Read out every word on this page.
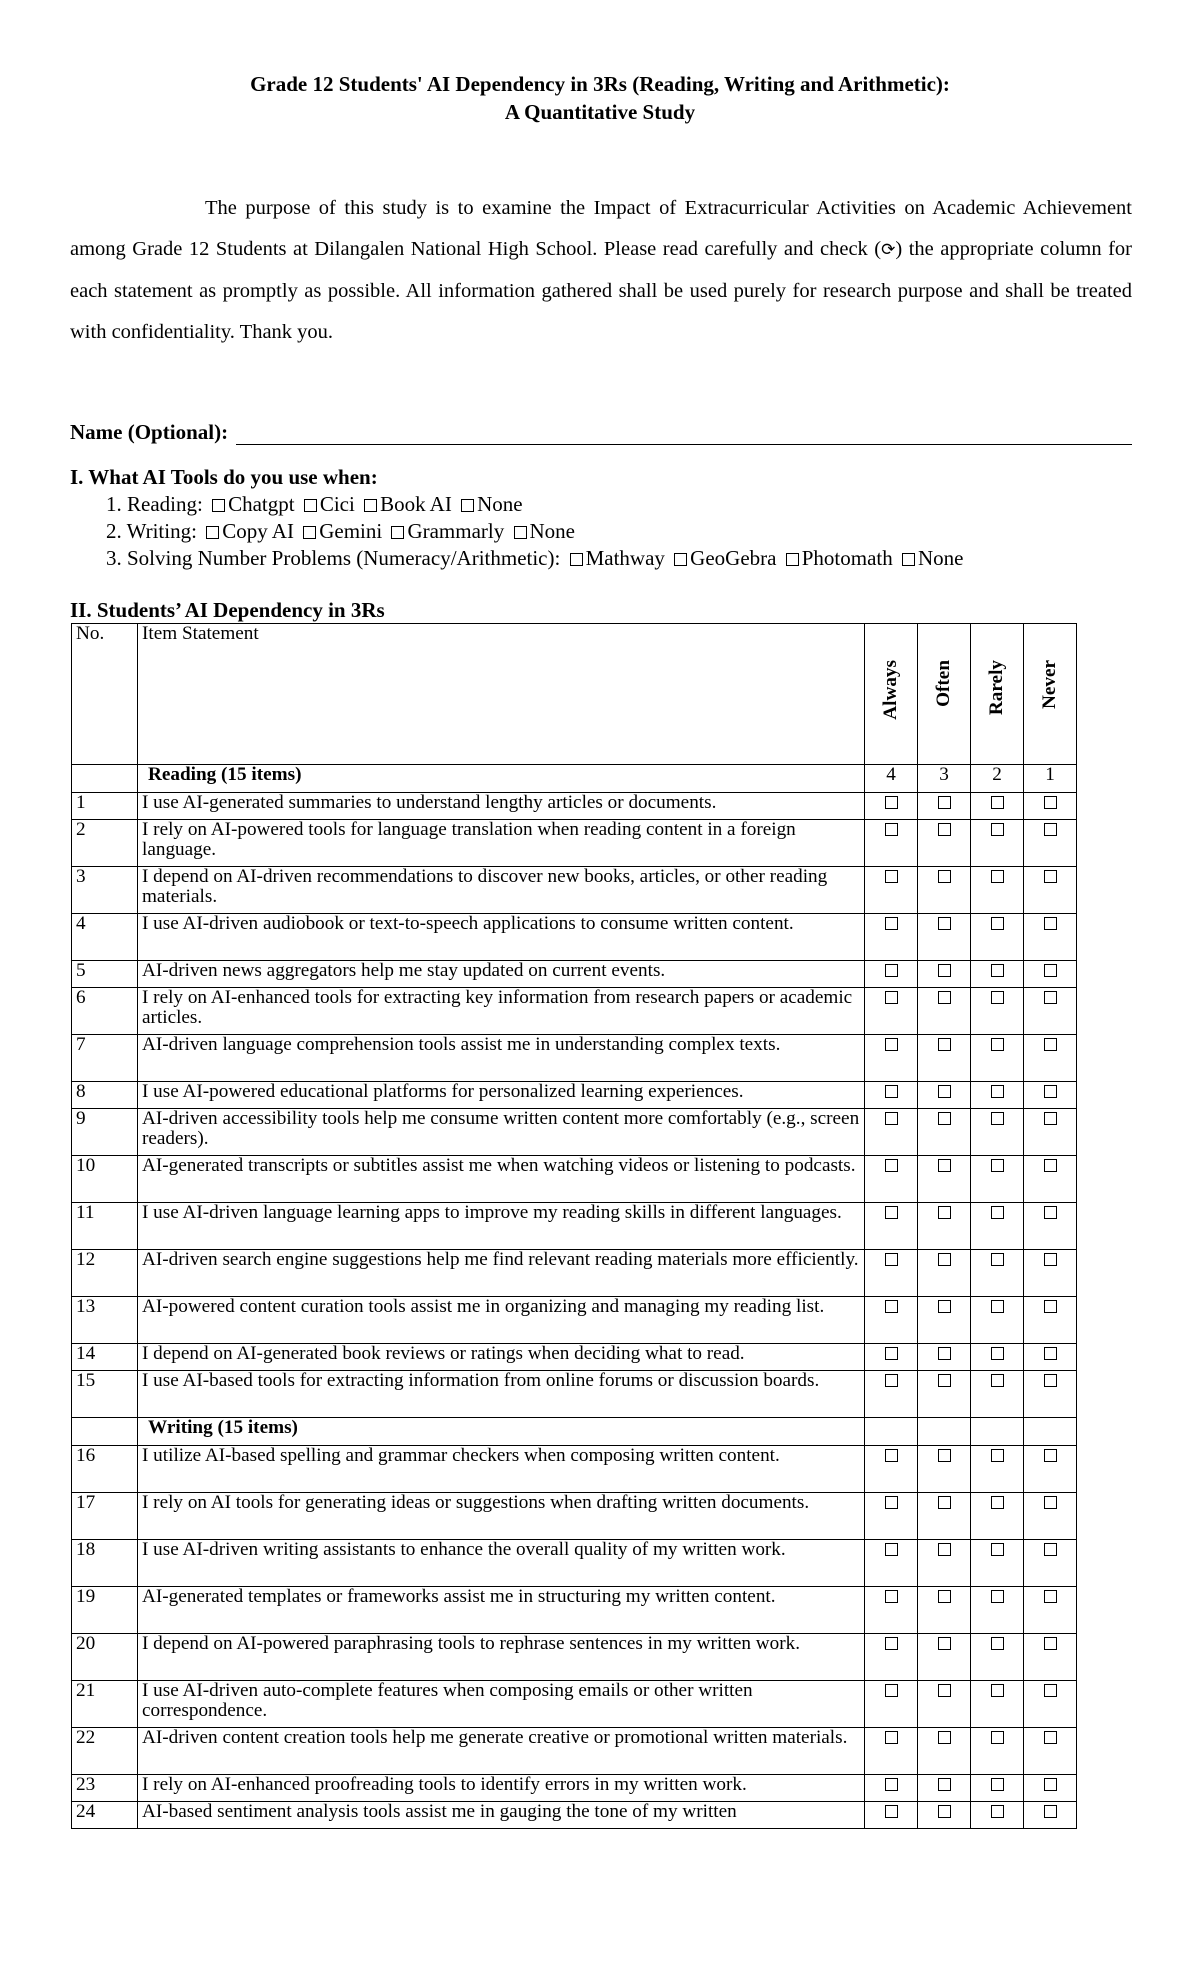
Grade 12 Students' AI Dependency in 3Rs (Reading, Writing and Arithmetic):
A Quantitative Study

The purpose of this study is to examine the Impact of Extracurricular Activities on Academic Achievement among Grade 12 Students at Dilangalen National High School. Please read carefully and check (⟳) the appropriate column for each statement as promptly as possible. All information gathered shall be used purely for research purpose and shall be treated with confidentiality. Thank you.

Name (Optional):
I. What AI Tools do you use when:
1. Reading: Chatgpt Cici Book AI None
2. Writing: Copy AI Gemini Grammarly None
3. Solving Number Problems (Numeracy/Arithmetic): Mathway GeoGebra Photomath None
II. Students’ AI Dependency in 3Rs
No.	Item Statement	Always	Often	Rarely	Never

	Reading (15 items)	4	3	2	1
1	I use AI-generated summaries to understand lengthy articles or documents.				
2	I rely on AI-powered tools for language translation when reading content in a foreign language.				
3	I depend on AI-driven recommendations to discover new books, articles, or other reading materials.				
4	I use AI-driven audiobook or text-to-speech applications to consume written content.				
5	AI-driven news aggregators help me stay updated on current events.				
6	I rely on AI-enhanced tools for extracting key information from research papers or academic articles.				
7	AI-driven language comprehension tools assist me in understanding complex texts.				
8	I use AI-powered educational platforms for personalized learning experiences.				
9	AI-driven accessibility tools help me consume written content more comfortably (e.g., screen readers).				
10	AI-generated transcripts or subtitles assist me when watching videos or listening to podcasts.				
11	I use AI-driven language learning apps to improve my reading skills in different languages.				
12	AI-driven search engine suggestions help me find relevant reading materials more efficiently.				
13	AI-powered content curation tools assist me in organizing and managing my reading list.				
14	I depend on AI-generated book reviews or ratings when deciding what to read.				
15	I use AI-based tools for extracting information from online forums or discussion boards.				
	Writing (15 items)				
16	I utilize AI-based spelling and grammar checkers when composing written content.				
17	I rely on AI tools for generating ideas or suggestions when drafting written documents.				
18	I use AI-driven writing assistants to enhance the overall quality of my written work.				
19	AI-generated templates or frameworks assist me in structuring my written content.				
20	I depend on AI-powered paraphrasing tools to rephrase sentences in my written work.				
21	I use AI-driven auto-complete features when composing emails or other written correspondence.				
22	AI-driven content creation tools help me generate creative or promotional written materials.				
23	I rely on AI-enhanced proofreading tools to identify errors in my written work.				
24	AI-based sentiment analysis tools assist me in gauging the tone of my written				
